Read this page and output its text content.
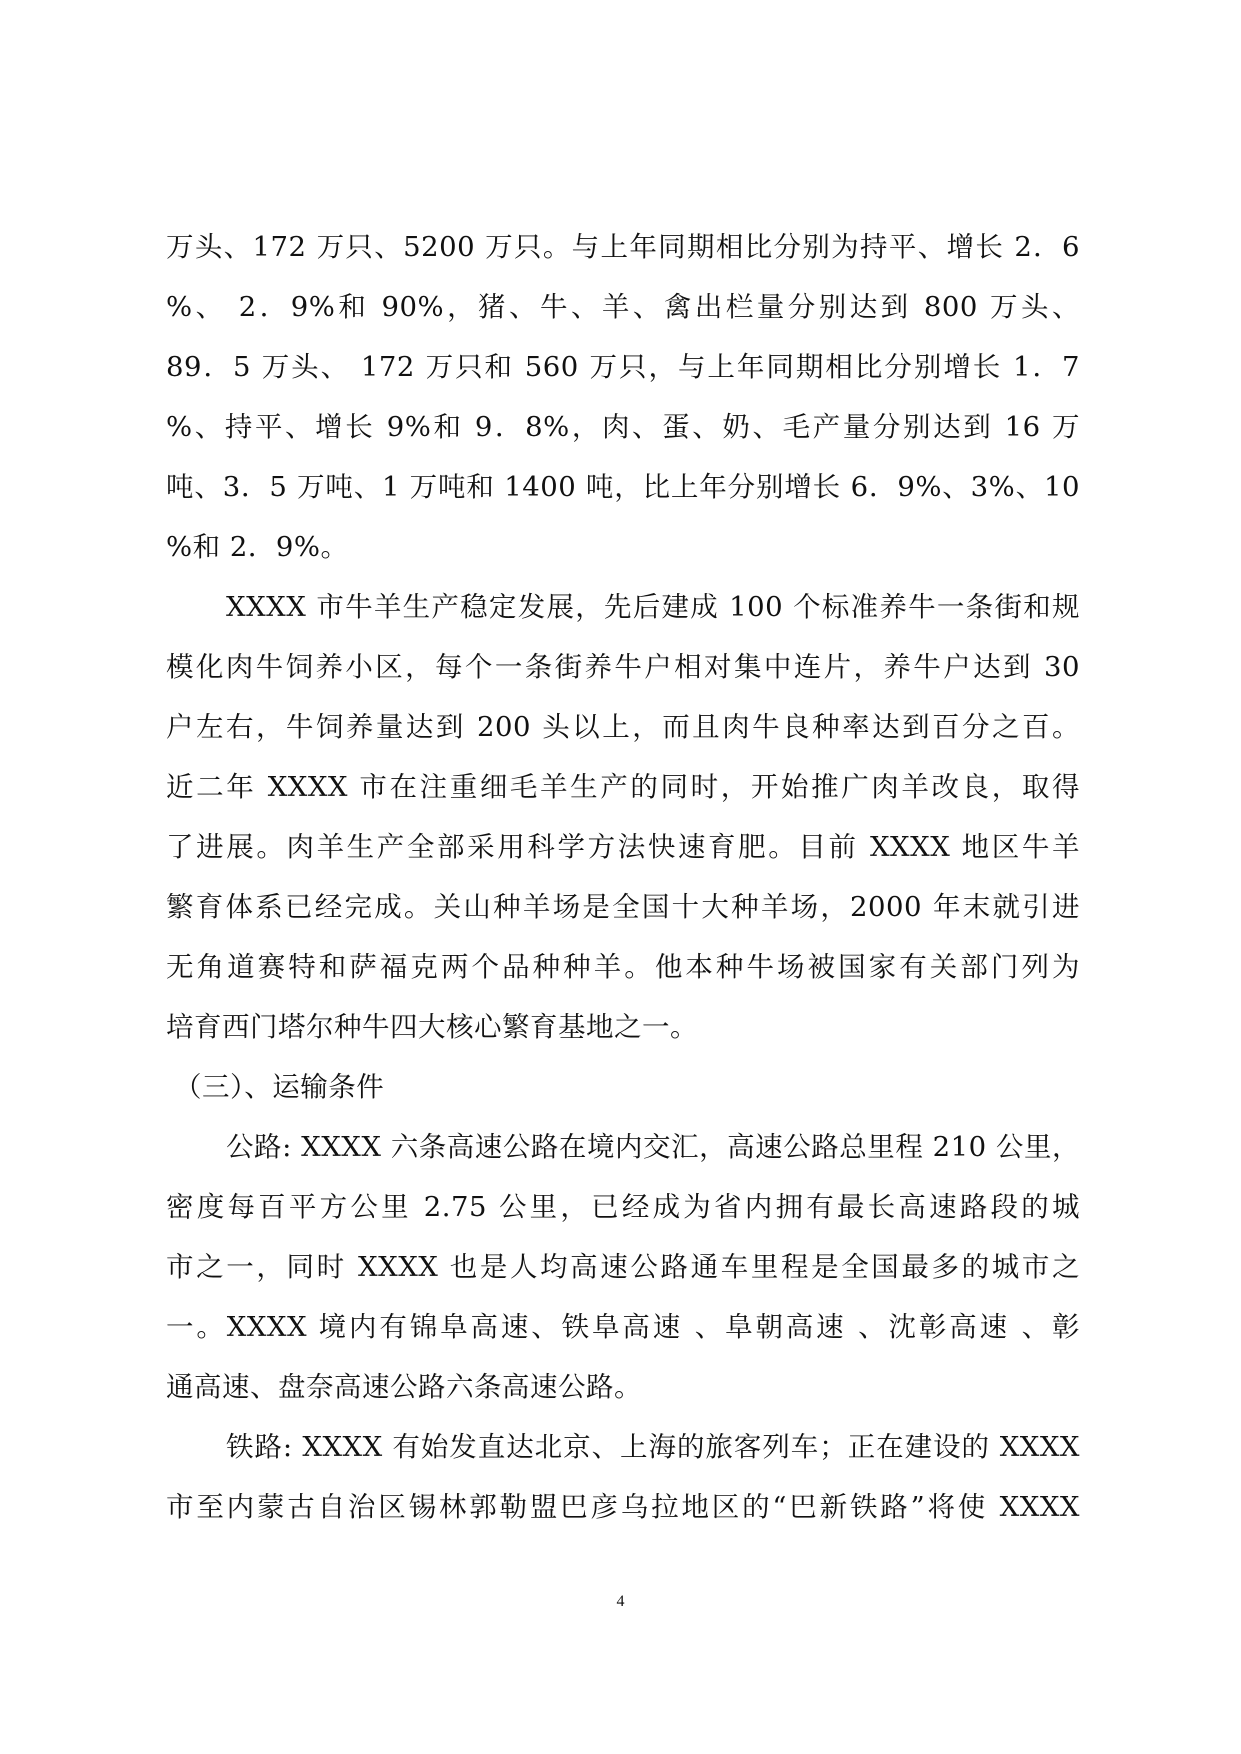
万头、172 万只、5200 万只。与上年同期相比分别为持平、增长 2．6
%、 2．9%和 90%，猪、牛、羊、禽出栏量分别达到 800 万头、
89．5 万头、 172 万只和 560 万只，与上年同期相比分别增长 1．7
%、持平、增长 9%和 9．8%，肉、蛋、奶、毛产量分别达到 16 万
吨、3．5 万吨、1 万吨和 1400 吨，比上年分别增长 6．9%、3%、10
%和 2．9%。
XXXX 市牛羊生产稳定发展，先后建成 100 个标准养牛一条街和规
模化肉牛饲养小区，每个一条街养牛户相对集中连片，养牛户达到 30
户左右，牛饲养量达到 200 头以上，而且肉牛良种率达到百分之百。
近二年 XXXX 市在注重细毛羊生产的同时，开始推广肉羊改良，取得
了进展。肉羊生产全部采用科学方法快速育肥。目前 XXXX 地区牛羊
繁育体系已经完成。关山种羊场是全国十大种羊场，2000 年末就引进
无角道赛特和萨福克两个品种种羊。他本种牛场被国家有关部门列为
培育西门塔尔种牛四大核心繁育基地之一。
（三）、运输条件
公路: XXXX 六条高速公路在境内交汇，高速公路总里程 210 公里，
密度每百平方公里 2.75 公里，已经成为省内拥有最长高速路段的城
市之一，同时 XXXX 也是人均高速公路通车里程是全国最多的城市之
一。XXXX 境内有锦阜高速、铁阜高速 、阜朝高速 、沈彰高速 、彰
通高速、盘奈高速公路六条高速公路。
铁路: XXXX 有始发直达北京、上海的旅客列车；正在建设的 XXXX
市至内蒙古自治区锡林郭勒盟巴彦乌拉地区的“巴新铁路”将使 XXXX
4
